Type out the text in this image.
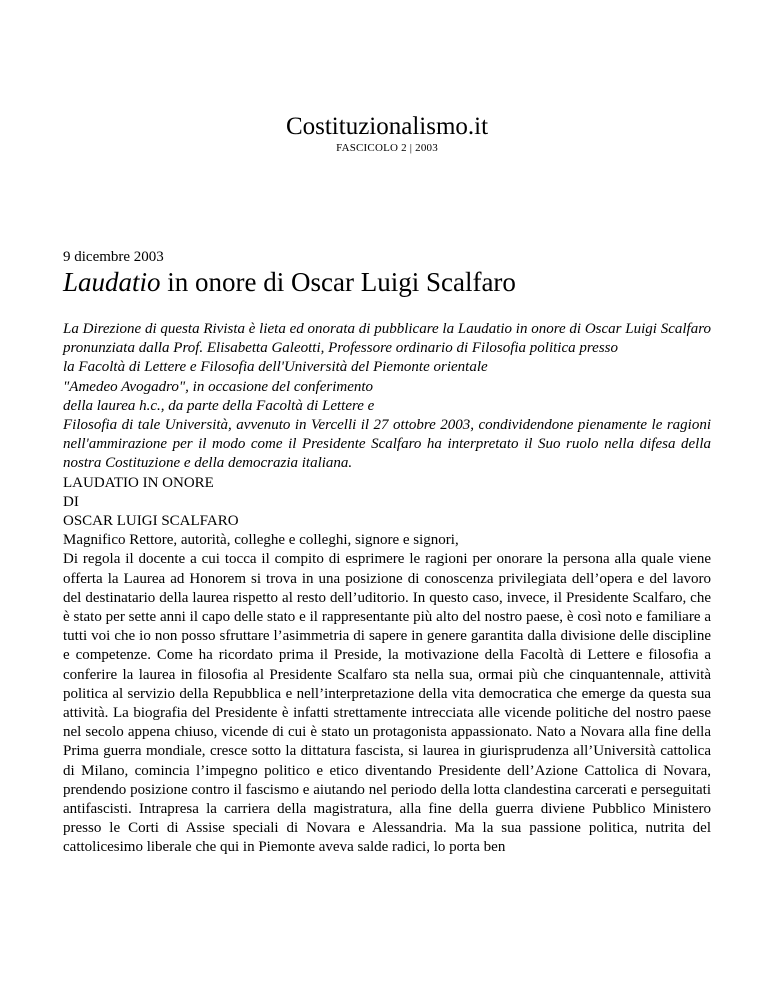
Costituzionalismo.it

FASCICOLO 2 | 2003

9 dicembre 2003

Laudatio in onore di Oscar Luigi Scalfaro

La Direzione di questa Rivista è lieta ed onorata di pubblicare la Laudatio in onore di Oscar Luigi Scalfaro pronunziata dalla Prof. Elisabetta Galeotti, Professore ordinario di Filosofia politica presso

la Facoltà di Lettere e Filosofia dell'Università del Piemonte orientale

"Amedeo Avogadro", in occasione del conferimento

della laurea h.c., da parte della Facoltà di Lettere e

Filosofia di tale Università, avvenuto in Vercelli il 27 ottobre 2003, condividendone pienamente le ragioni nell'ammirazione per il modo come il Presidente Scalfaro ha interpretato il Suo ruolo nella difesa della nostra Costituzione e della democrazia italiana.

LAUDATIO IN ONORE

DI

OSCAR LUIGI SCALFARO

Magnifico Rettore, autorità, colleghe e colleghi, signore e signori,

Di regola il docente a cui tocca il compito di esprimere le ragioni per onorare la persona alla quale viene offerta la Laurea ad Honorem si trova in una posizione di conoscenza privilegiata dell’opera e del lavoro del destinatario della laurea rispetto al resto dell’uditorio. In questo caso, invece, il Presidente Scalfaro, che è stato per sette anni il capo delle stato e il rappresentante più alto del nostro paese, è così noto e familiare a tutti voi che io non posso sfruttare l’asimmetria di sapere in genere garantita dalla divisione delle discipline e competenze. Come ha ricordato prima il Preside, la motivazione della Facoltà di Lettere e filosofia a conferire la laurea in filosofia al Presidente Scalfaro sta nella sua, ormai più che cinquantennale, attività politica al servizio della Repubblica e nell’interpretazione della vita democratica che emerge da questa sua attività. La biografia del Presidente è infatti strettamente intrecciata alle vicende politiche del nostro paese nel secolo appena chiuso, vicende di cui è stato un protagonista appassionato. Nato a Novara alla fine della Prima guerra mondiale, cresce sotto la dittatura fascista, si laurea in giurisprudenza all’Università cattolica di Milano, comincia l’impegno politico e etico diventando Presidente dell’Azione Cattolica di Novara, prendendo posizione contro il fascismo e aiutando nel periodo della lotta clandestina carcerati e perseguitati antifascisti. Intrapresa la carriera della magistratura, alla fine della guerra diviene Pubblico Ministero presso le Corti di Assise speciali di Novara e Alessandria. Ma la sua passione politica, nutrita del cattolicesimo liberale che qui in Piemonte aveva salde radici, lo porta ben
